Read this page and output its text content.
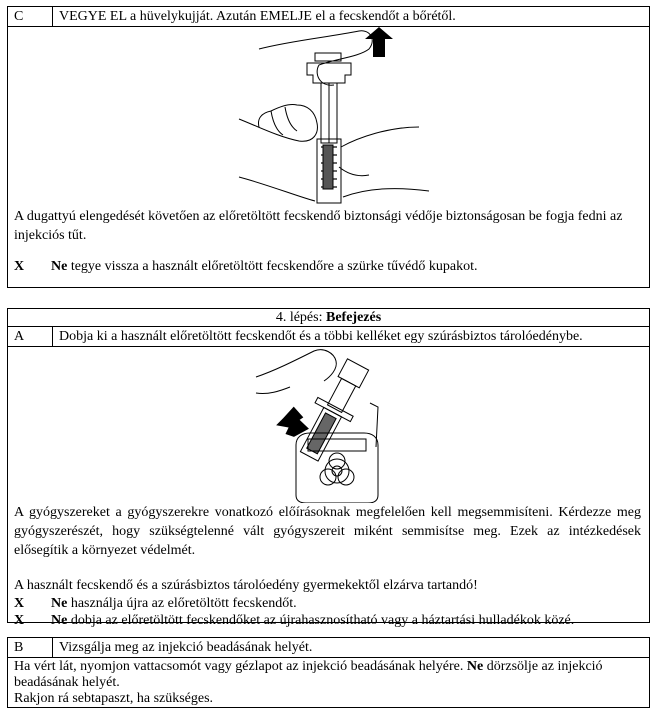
C	VEGYE EL a hüvelykujját. Azután EMELJE el a fecskendőt a bőrétől.

A dugattyú elengedését követően az előretöltött fecskendő biztonsági védője biztonságosan be fogja fedni az injekciós tűt.

X	Ne tegye vissza a használt előretöltött fecskendőre a szürke tűvédő kupakot.
4. lépés: Befejezés
A	Dobja ki a használt előretöltött fecskendőt és a többi kelléket egy szúrásbiztos tárolóedénybe.

A gyógyszereket a gyógyszerekre vonatkozó előírásoknak megfelelően kell megsemmisíteni. Kérdezze meg gyógyszerészét, hogy szükségtelenné vált gyógyszereit miként semmisítse meg. Ezek az intézkedések elősegítik a környezet védelmét.

A használt fecskendő és a szúrásbiztos tárolóedény gyermekektől elzárva tartandó!

X	Ne használja újra az előretöltött fecskendőt.
X	Ne dobja az előretöltött fecskendőket az újrahasznosítható vagy a háztartási hulladékok közé.
B	Vizsgálja meg az injekció beadásának helyét.

Ha vért lát, nyomjon vattacsomót vagy gézlapot az injekció beadásának helyére. Ne dörzsölje az injekció beadásának helyét.

Rakjon rá sebtapaszt, ha szükséges.
